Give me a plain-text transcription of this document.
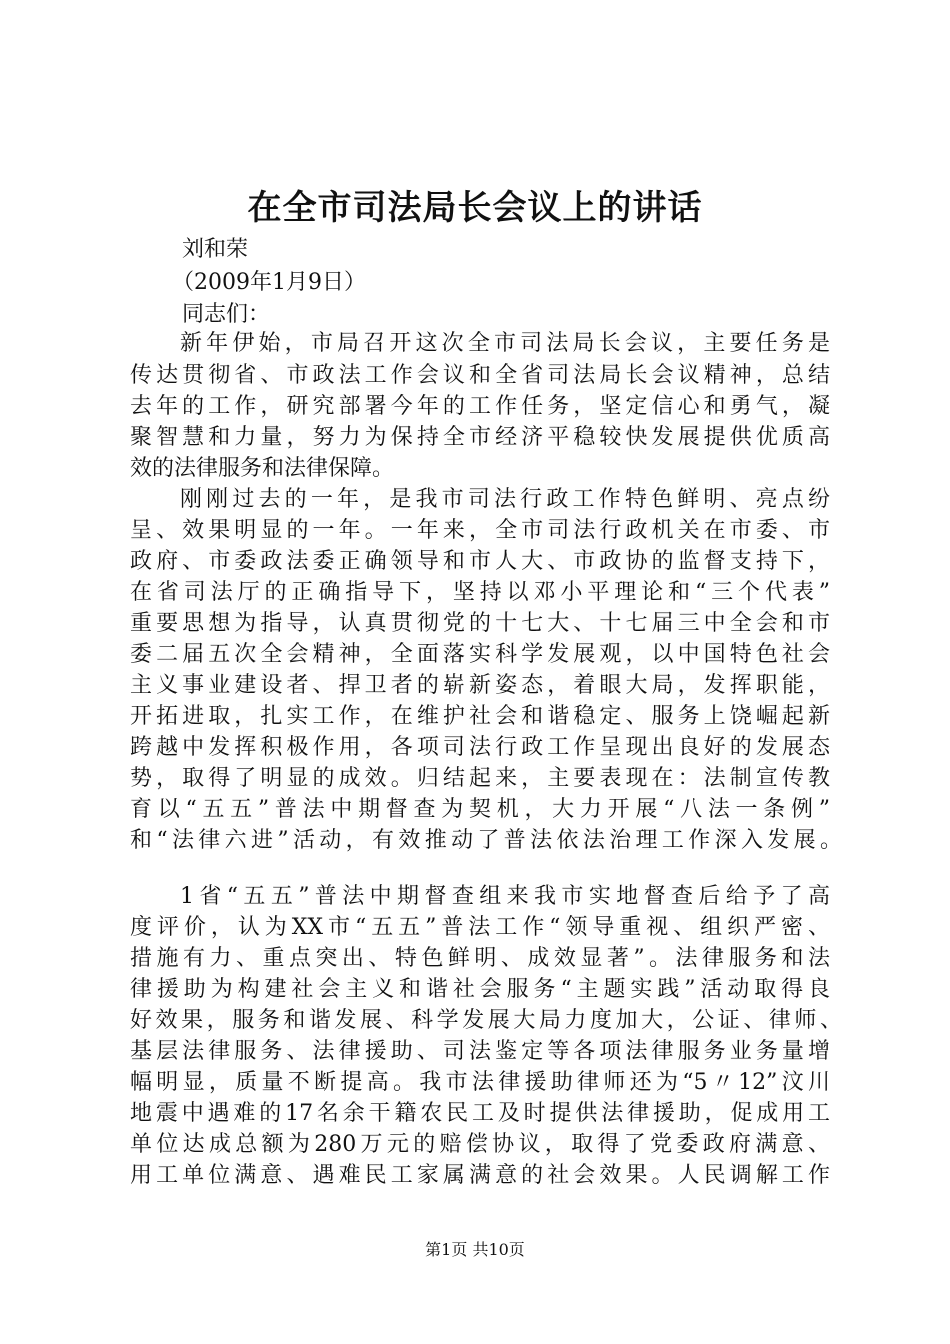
在全市司法局长会议上的讲话
刘和荣
（2009年1月9日）
同志们：
新年伊始，市局召开这次全市司法局长会议，主要任务是
传达贯彻省、市政法工作会议和全省司法局长会议精神，总结
去年的工作，研究部署今年的工作任务，坚定信心和勇气，凝
聚智慧和力量，努力为保持全市经济平稳较快发展提供优质高
效的法律服务和法律保障。
刚刚过去的一年，是我市司法行政工作特色鲜明、亮点纷
呈、效果明显的一年。一年来，全市司法行政机关在市委、市
政府、市委政法委正确领导和市人大、市政协的监督支持下，
在省司法厅的正确指导下，坚持以邓小平理论和“三个代表”
重要思想为指导，认真贯彻党的十七大、十七届三中全会和市
委二届五次全会精神，全面落实科学发展观，以中国特色社会
主义事业建设者、捍卫者的崭新姿态，着眼大局，发挥职能，
开拓进取，扎实工作，在维护社会和谐稳定、服务上饶崛起新
跨越中发挥积极作用，各项司法行政工作呈现出良好的发展态
势，取得了明显的成效。归结起来，主要表现在：法制宣传教
育以“五五”普法中期督查为契机，大力开展“八法一条例”
和“法律六进”活动，有效推动了普法依法治理工作深入发展。
1省“五五”普法中期督查组来我市实地督查后给予了高
度评价，认为XX市“五五”普法工作“领导重视、组织严密、
措施有力、重点突出、特色鲜明、成效显著”。法律服务和法
律援助为构建社会主义和谐社会服务“主题实践”活动取得良
好效果，服务和谐发展、科学发展大局力度加大，公证、律师、
基层法律服务、法律援助、司法鉴定等各项法律服务业务量增
幅明显，质量不断提高。我市法律援助律师还为“5〃12”汶川
地震中遇难的17名余干籍农民工及时提供法律援助，促成用工
单位达成总额为280万元的赔偿协议，取得了党委政府满意、
用工单位满意、遇难民工家属满意的社会效果。人民调解工作
第1页 共10页
